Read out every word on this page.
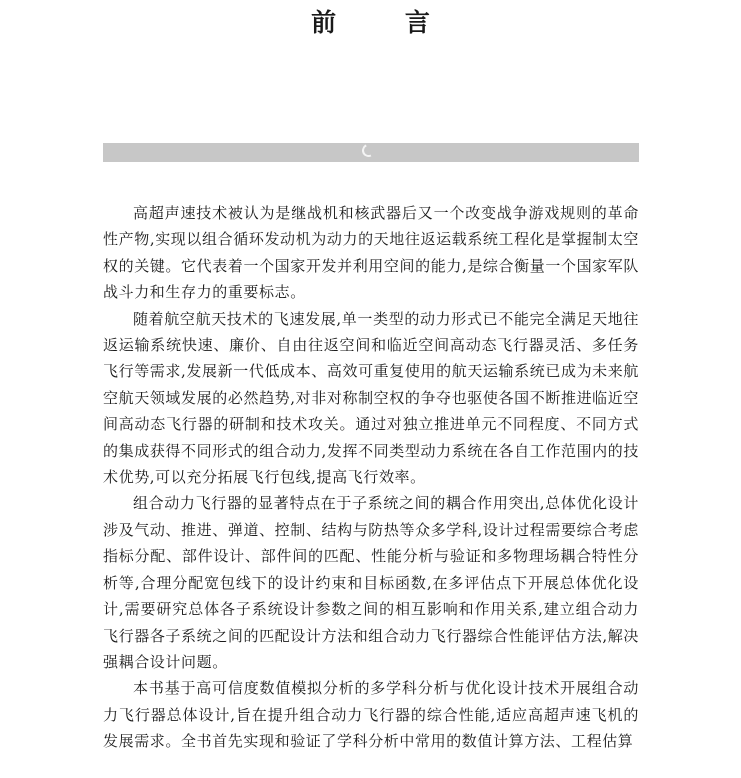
前 言

高超声速技术被认为是继战机和核武器后又一个改变战争游戏规则的革命性产物,实现以组合循环发动机为动力的天地往返运载系统工程化是掌握制太空权的关键。它代表着一个国家开发并利用空间的能力,是综合衡量一个国家军队战斗力和生存力的重要标志。

随着航空航天技术的飞速发展,单一类型的动力形式已不能完全满足天地往返运输系统快速、廉价、自由往返空间和临近空间高动态飞行器灵活、多任务飞行等需求,发展新一代低成本、高效可重复使用的航天运输系统已成为未来航空航天领域发展的必然趋势,对非对称制空权的争夺也驱使各国不断推进临近空间高动态飞行器的研制和技术攻关。通过对独立推进单元不同程度、不同方式的集成获得不同形式的组合动力,发挥不同类型动力系统在各自工作范围内的技术优势,可以充分拓展飞行包线,提高飞行效率。

组合动力飞行器的显著特点在于子系统之间的耦合作用突出,总体优化设计涉及气动、推进、弹道、控制、结构与防热等众多学科,设计过程需要综合考虑指标分配、部件设计、部件间的匹配、性能分析与验证和多物理场耦合特性分析等,合理分配宽包线下的设计约束和目标函数,在多评估点下开展总体优化设计,需要研究总体各子系统设计参数之间的相互影响和作用关系,建立组合动力飞行器各子系统之间的匹配设计方法和组合动力飞行器综合性能评估方法,解决强耦合设计问题。

本书基于高可信度数值模拟分析的多学科分析与优化设计技术开展组合动力飞行器总体设计,旨在提升组合动力飞行器的综合性能,适应高超声速飞机的发展需求。全书首先实现和验证了学科分析中常用的数值计算方法、工程估算
